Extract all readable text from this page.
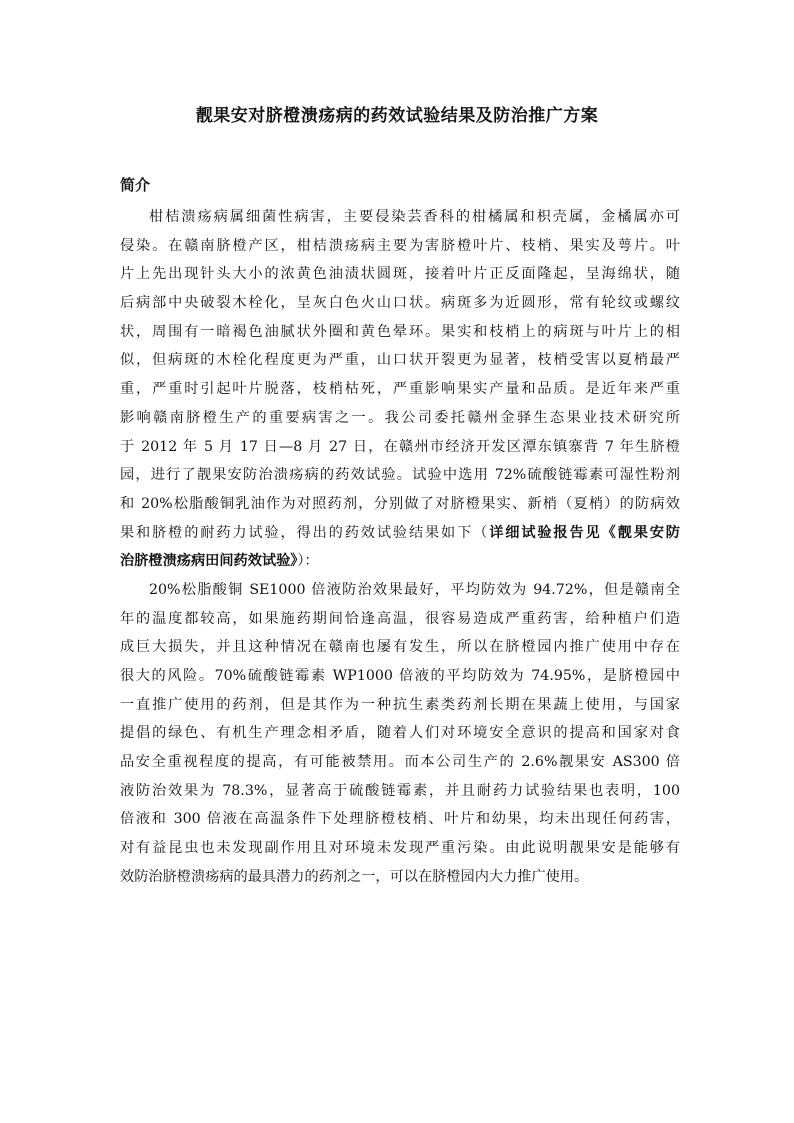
靓果安对脐橙溃疡病的药效试验结果及防治推广方案
简介
柑桔溃疡病属细菌性病害，主要侵染芸香科的柑橘属和枳壳属，金橘属亦可
侵染。在赣南脐橙产区，柑桔溃疡病主要为害脐橙叶片、枝梢、果实及萼片。叶
片上先出现针头大小的浓黄色油渍状圆斑，接着叶片正反面隆起，呈海绵状，随
后病部中央破裂木栓化，呈灰白色火山口状。病斑多为近圆形，常有轮纹或螺纹
状，周围有一暗褐色油腻状外圈和黄色晕环。果实和枝梢上的病斑与叶片上的相
似，但病斑的木栓化程度更为严重，山口状开裂更为显著，枝梢受害以夏梢最严
重，严重时引起叶片脱落，枝梢枯死，严重影响果实产量和品质。是近年来严重
影响赣南脐橙生产的重要病害之一。我公司委托赣州金驿生态果业技术研究所
于 2012 年 5 月 17 日—8 月 27 日，在赣州市经济开发区潭东镇寨背 7 年生脐橙
园，进行了靓果安防治溃疡病的药效试验。试验中选用 72%硫酸链霉素可湿性粉剂
和 20%松脂酸铜乳油作为对照药剂，分别做了对脐橙果实、新梢（夏梢）的防病效
果和脐橙的耐药力试验，得出的药效试验结果如下（详细试验报告见《靓果安防
治脐橙溃疡病田间药效试验》）：
20%松脂酸铜 SE1000 倍液防治效果最好，平均防效为 94.72%，但是赣南全
年的温度都较高，如果施药期间恰逢高温，很容易造成严重药害，给种植户们造
成巨大损失，并且这种情况在赣南也屡有发生，所以在脐橙园内推广使用中存在
很大的风险。70%硫酸链霉素 WP1000 倍液的平均防效为 74.95%，是脐橙园中
一直推广使用的药剂，但是其作为一种抗生素类药剂长期在果蔬上使用，与国家
提倡的绿色、有机生产理念相矛盾，随着人们对环境安全意识的提高和国家对食
品安全重视程度的提高，有可能被禁用。而本公司生产的 2.6%靓果安 AS300 倍
液防治效果为 78.3%，显著高于硫酸链霉素，并且耐药力试验结果也表明，100
倍液和 300 倍液在高温条件下处理脐橙枝梢、叶片和幼果，均未出现任何药害，
对有益昆虫也未发现副作用且对环境未发现严重污染。由此说明靓果安是能够有
效防治脐橙溃疡病的最具潜力的药剂之一，可以在脐橙园内大力推广使用。
